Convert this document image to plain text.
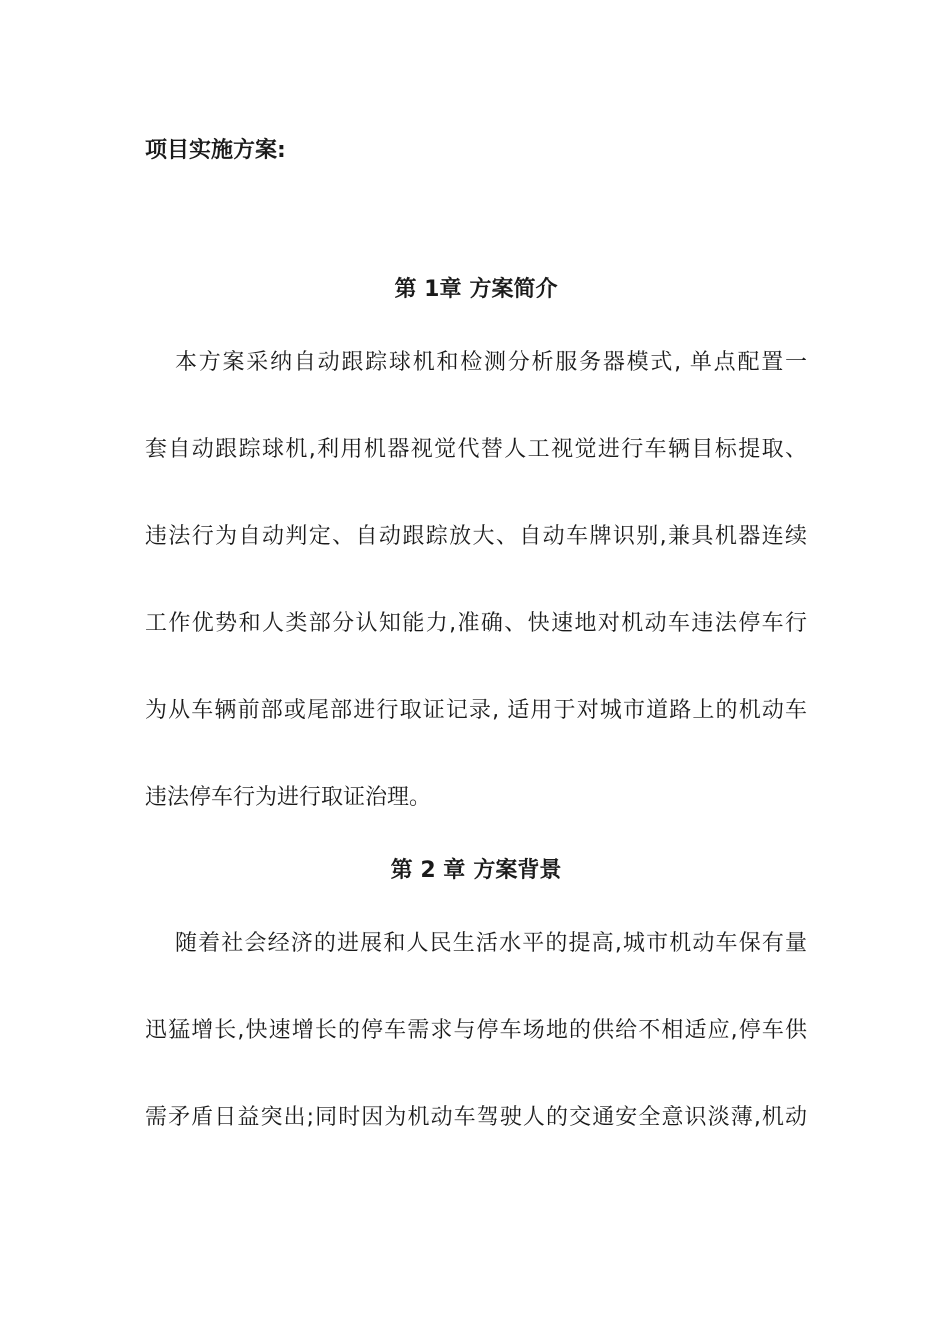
项目实施方案:
第 1章 方案简介
本方案采纳自动跟踪球机和检测分析服务器模式, 单点配置一
套自动跟踪球机,利用机器视觉代替人工视觉进行车辆目标提取、
违法行为自动判定、自动跟踪放大、自动车牌识别,兼具机器连续
工作优势和人类部分认知能力,准确、快速地对机动车违法停车行
为从车辆前部或尾部进行取证记录, 适用于对城市道路上的机动车
违法停车行为进行取证治理。
第 2 章 方案背景
随着社会经济的进展和人民生活水平的提高,城市机动车保有量
迅猛增长,快速增长的停车需求与停车场地的供给不相适应,停车供
需矛盾日益突出;同时因为机动车驾驶人的交通安全意识淡薄,机动
